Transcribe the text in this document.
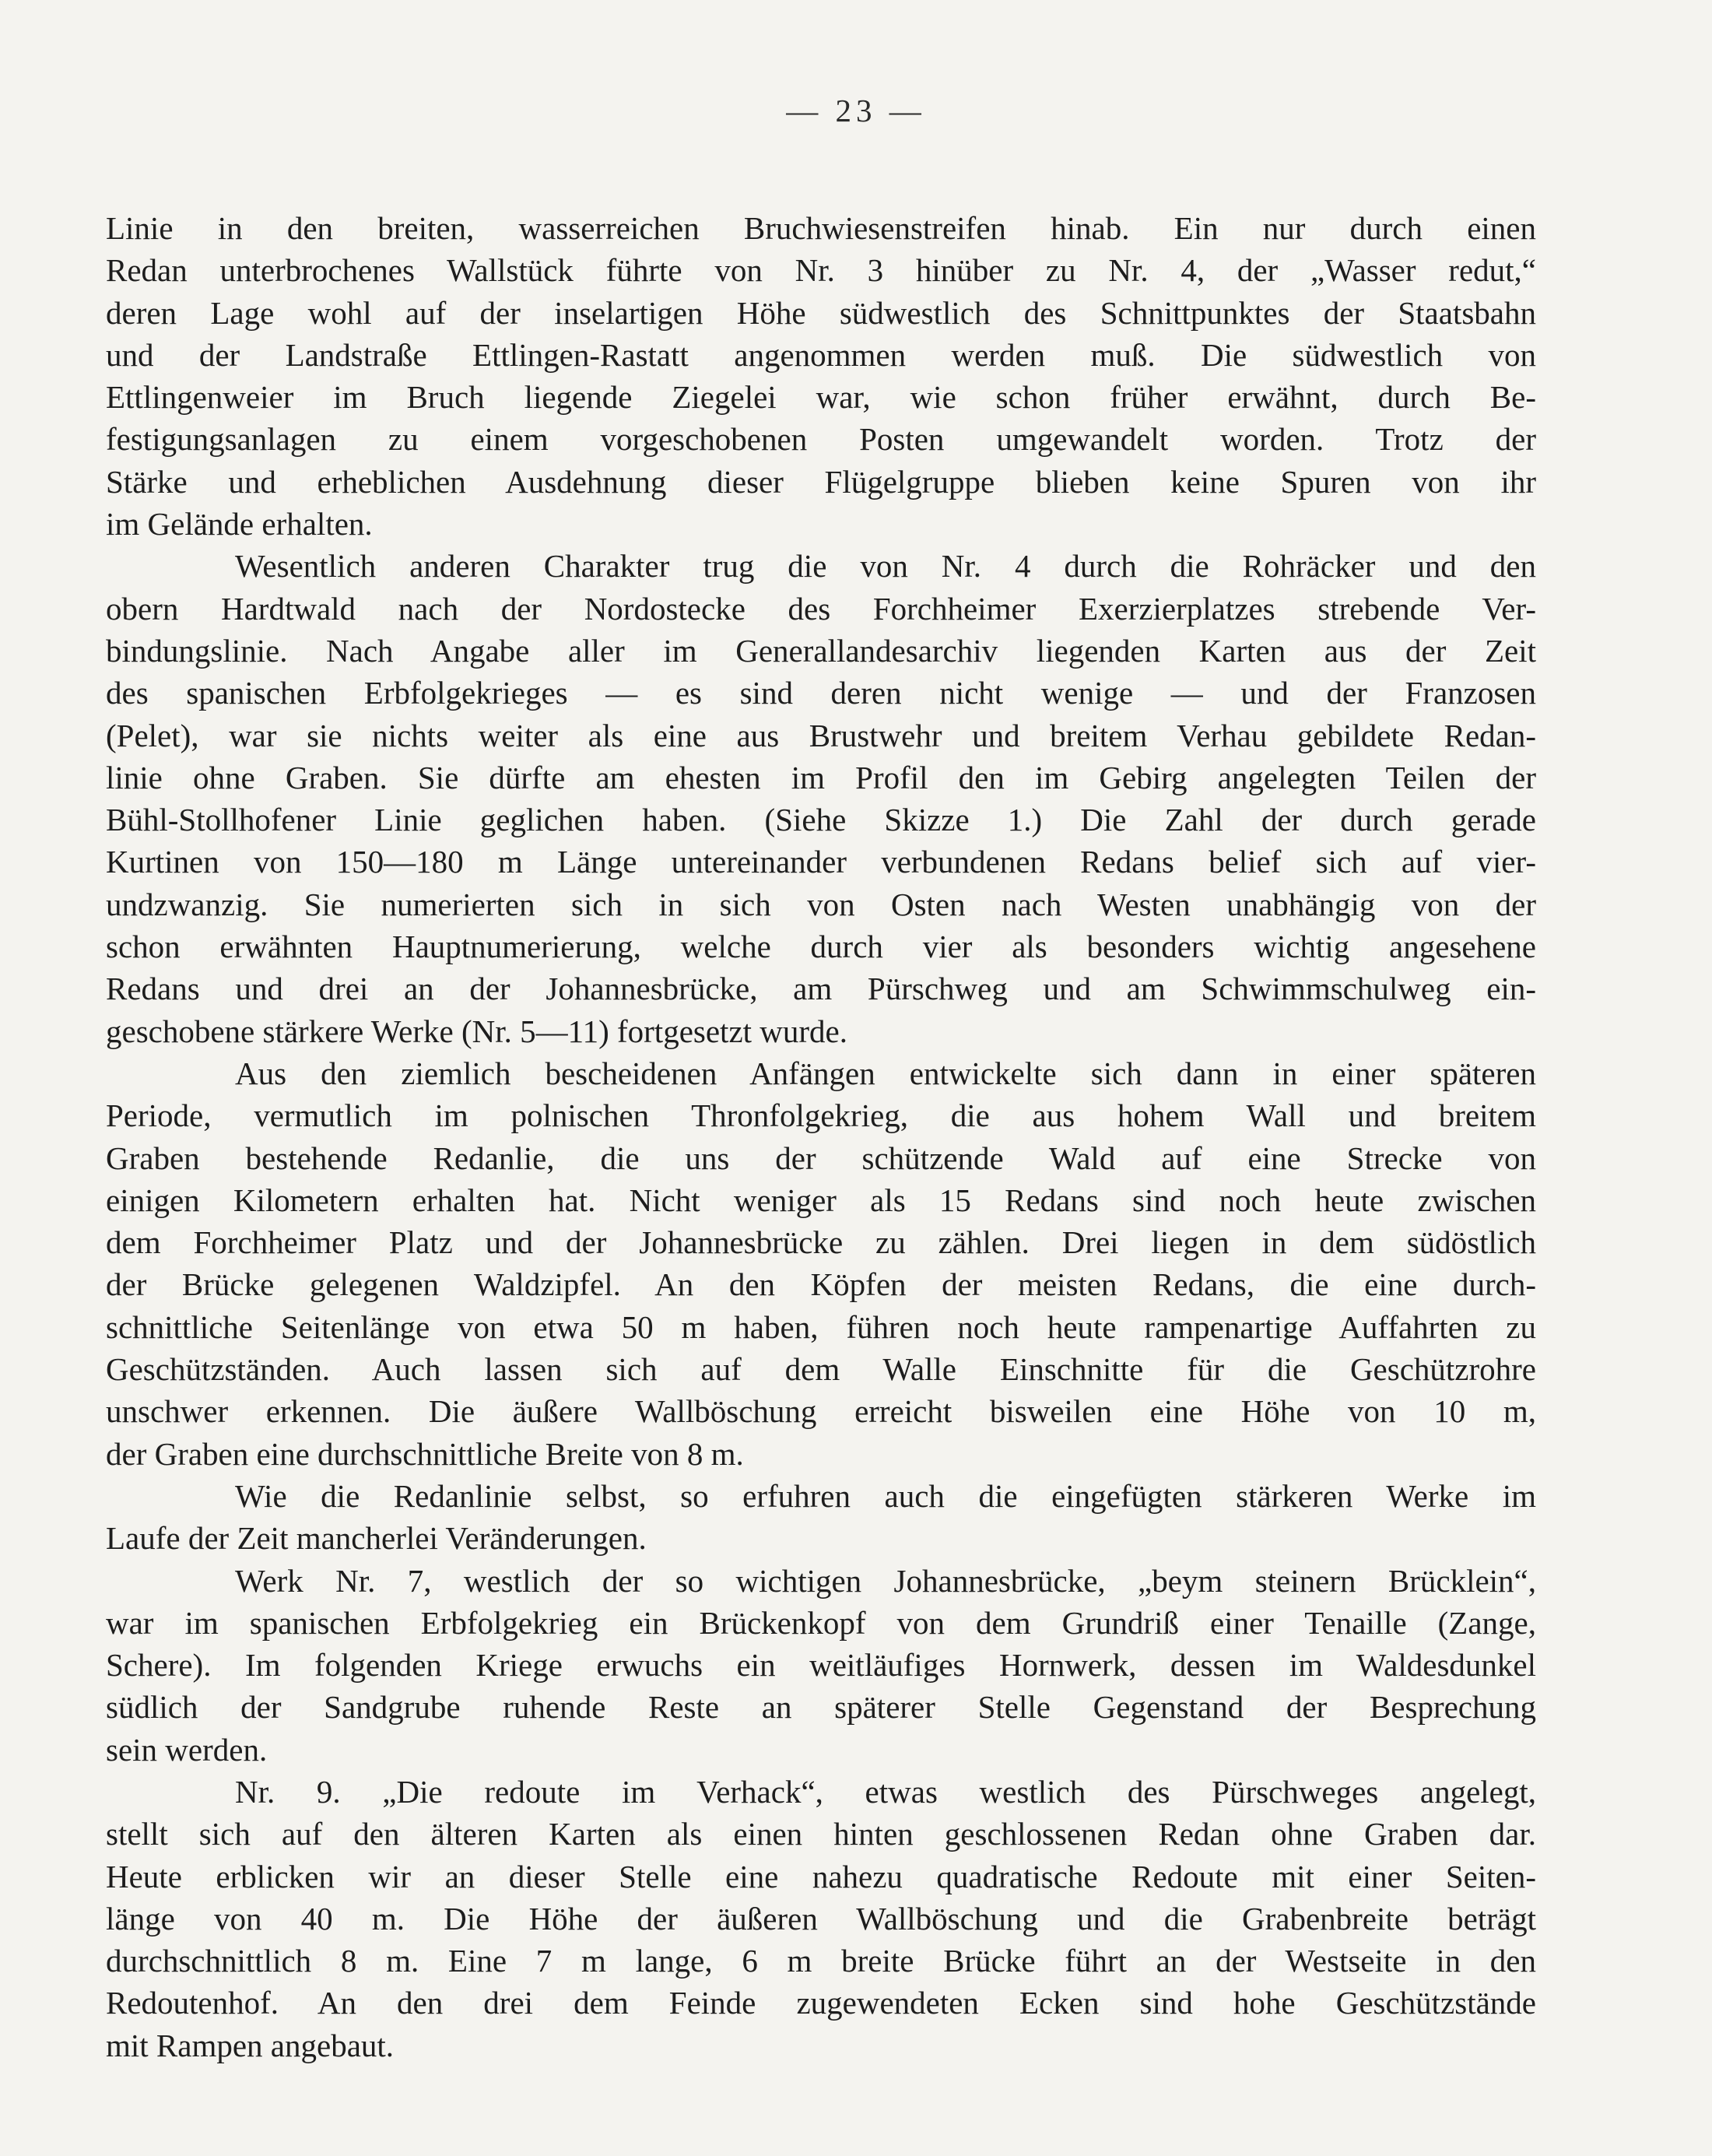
— 23 —
Linie in den breiten, wasserreichen Bruchwiesenstreifen hinab. Ein nur durch einen
Redan unterbrochenes Wallstück führte von Nr. 3 hinüber zu Nr. 4, der „Wasser redut,“
deren Lage wohl auf der inselartigen Höhe südwestlich des Schnittpunktes der Staatsbahn
und der Landstraße Ettlingen-Rastatt angenommen werden muß. Die südwestlich von
Ettlingenweier im Bruch liegende Ziegelei war, wie schon früher erwähnt, durch Be-
festigungsanlagen zu einem vorgeschobenen Posten umgewandelt worden. Trotz der
Stärke und erheblichen Ausdehnung dieser Flügelgruppe blieben keine Spuren von ihr
im Gelände erhalten.
Wesentlich anderen Charakter trug die von Nr. 4 durch die Rohräcker und den
obern Hardtwald nach der Nordostecke des Forchheimer Exerzierplatzes strebende Ver-
bindungslinie. Nach Angabe aller im Generallandesarchiv liegenden Karten aus der Zeit
des spanischen Erbfolgekrieges — es sind deren nicht wenige — und der Franzosen
(Pelet), war sie nichts weiter als eine aus Brustwehr und breitem Verhau gebildete Redan-
linie ohne Graben. Sie dürfte am ehesten im Profil den im Gebirg angelegten Teilen der
Bühl-Stollhofener Linie geglichen haben. (Siehe Skizze 1.) Die Zahl der durch gerade
Kurtinen von 150—180 m Länge untereinander verbundenen Redans belief sich auf vier-
undzwanzig. Sie numerierten sich in sich von Osten nach Westen unabhängig von der
schon erwähnten Hauptnumerierung, welche durch vier als besonders wichtig angesehene
Redans und drei an der Johannesbrücke, am Pürschweg und am Schwimmschulweg ein-
geschobene stärkere Werke (Nr. 5—11) fortgesetzt wurde.
Aus den ziemlich bescheidenen Anfängen entwickelte sich dann in einer späteren
Periode, vermutlich im polnischen Thronfolgekrieg, die aus hohem Wall und breitem
Graben bestehende Redanlie, die uns der schützende Wald auf eine Strecke von
einigen Kilometern erhalten hat. Nicht weniger als 15 Redans sind noch heute zwischen
dem Forchheimer Platz und der Johannesbrücke zu zählen. Drei liegen in dem südöstlich
der Brücke gelegenen Waldzipfel. An den Köpfen der meisten Redans, die eine durch-
schnittliche Seitenlänge von etwa 50 m haben, führen noch heute rampenartige Auffahrten zu
Geschützständen. Auch lassen sich auf dem Walle Einschnitte für die Geschützrohre
unschwer erkennen. Die äußere Wallböschung erreicht bisweilen eine Höhe von 10 m,
der Graben eine durchschnittliche Breite von 8 m.
Wie die Redanlinie selbst, so erfuhren auch die eingefügten stärkeren Werke im
Laufe der Zeit mancherlei Veränderungen.
Werk Nr. 7, westlich der so wichtigen Johannesbrücke, „beym steinern Brücklein“,
war im spanischen Erbfolgekrieg ein Brückenkopf von dem Grundriß einer Tenaille (Zange,
Schere). Im folgenden Kriege erwuchs ein weitläufiges Hornwerk, dessen im Waldesdunkel
südlich der Sandgrube ruhende Reste an späterer Stelle Gegenstand der Besprechung
sein werden.
Nr. 9. „Die redoute im Verhack“, etwas westlich des Pürschweges angelegt,
stellt sich auf den älteren Karten als einen hinten geschlossenen Redan ohne Graben dar.
Heute erblicken wir an dieser Stelle eine nahezu quadratische Redoute mit einer Seiten-
länge von 40 m. Die Höhe der äußeren Wallböschung und die Grabenbreite beträgt
durchschnittlich 8 m. Eine 7 m lange, 6 m breite Brücke führt an der Westseite in den
Redoutenhof. An den drei dem Feinde zugewendeten Ecken sind hohe Geschützstände
mit Rampen angebaut.
